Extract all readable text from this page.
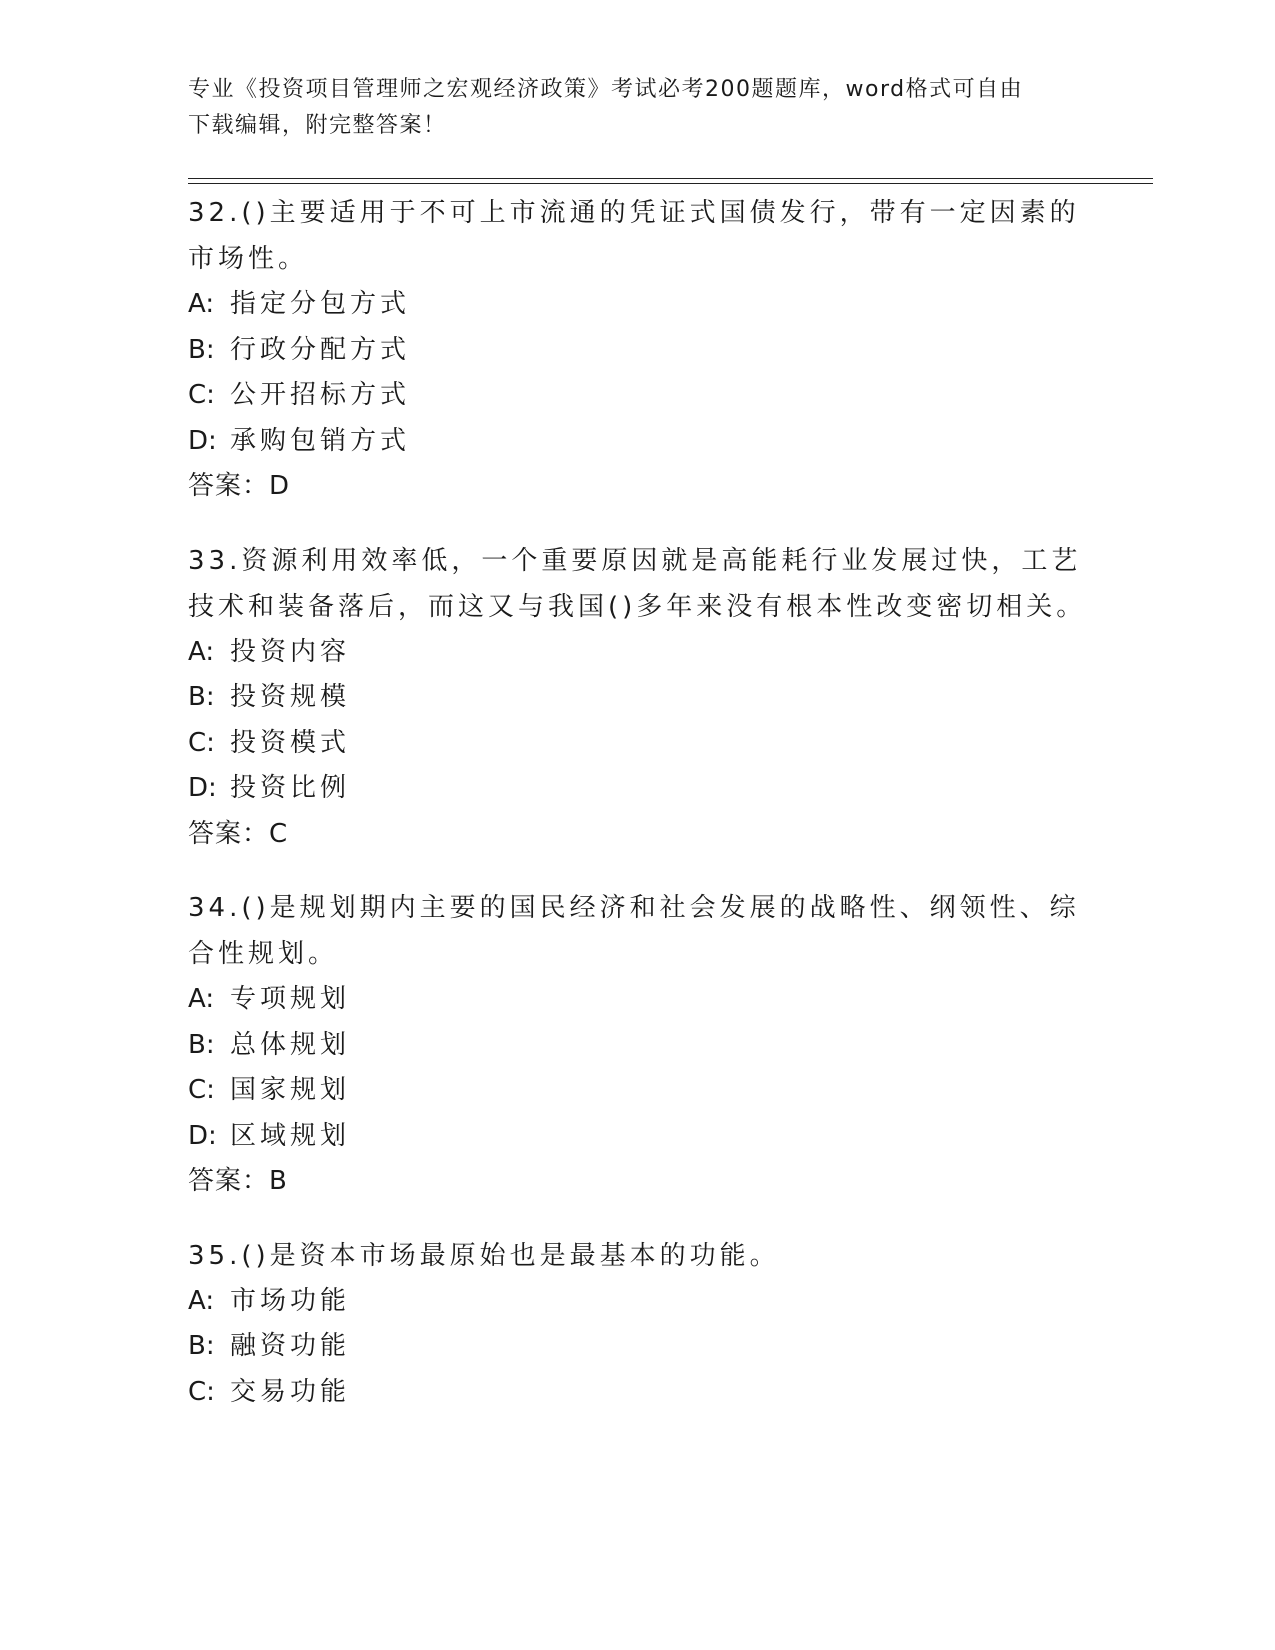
专业《投资项目管理师之宏观经济政策》考试必考200题题库，word格式可自由
下载编辑，附完整答案！
32.()主要适用于不可上市流通的凭证式国债发行，带有一定因素的市场性。
A: 指定分包方式
B: 行政分配方式
C: 公开招标方式
D: 承购包销方式
答案：D
33.资源利用效率低，一个重要原因就是高能耗行业发展过快，工艺技术和装备落后，而这又与我国()多年来没有根本性改变密切相关。
A: 投资内容
B: 投资规模
C: 投资模式
D: 投资比例
答案：C
34.()是规划期内主要的国民经济和社会发展的战略性、纲领性、综合性规划。
A: 专项规划
B: 总体规划
C: 国家规划
D: 区域规划
答案：B
35.()是资本市场最原始也是最基本的功能。
A: 市场功能
B: 融资功能
C: 交易功能
